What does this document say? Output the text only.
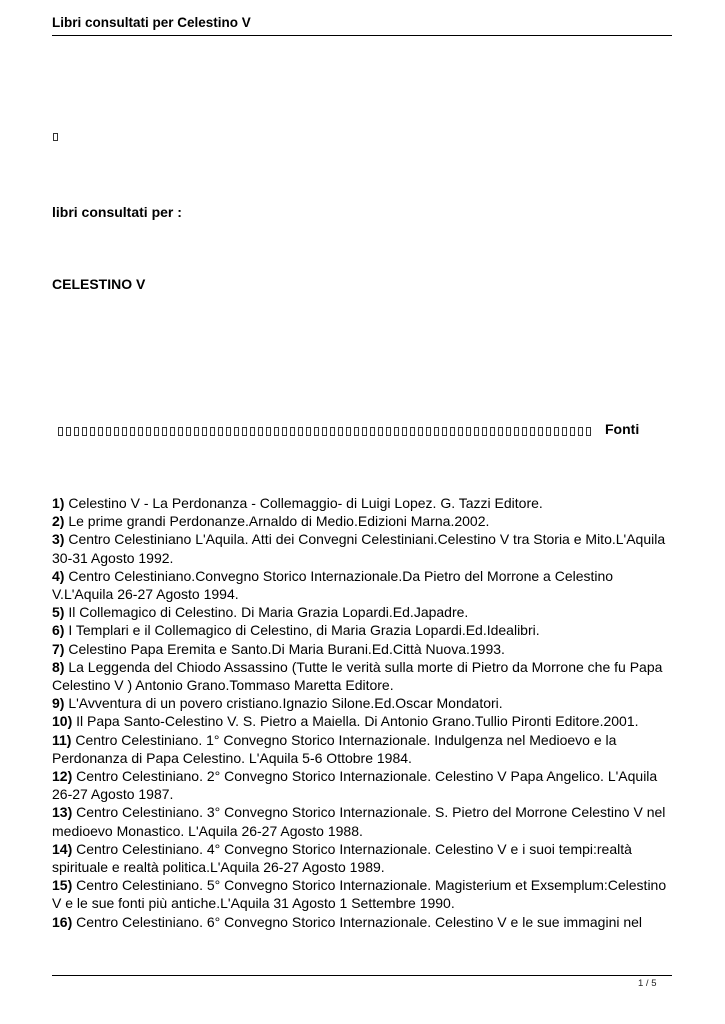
Libri consultati per Celestino V
libri consultati per :
CELESTINO V
Fonti

1) Celestino V - La Perdonanza - Collemaggio- di Luigi Lopez. G. Tazzi Editore.

2) Le prime grandi Perdonanze.Arnaldo di Medio.Edizioni Marna.2002.

3) Centro Celestiniano L'Aquila. Atti dei Convegni Celestiniani.Celestino V tra Storia e Mito.L'Aquila 30-31 Agosto 1992.

4) Centro Celestiniano.Convegno Storico Internazionale.Da Pietro del Morrone a Celestino V.L'Aquila 26-27 Agosto 1994.

5) Il Collemagico di Celestino. Di Maria Grazia Lopardi.Ed.Japadre.

6) I Templari e il Collemagico di Celestino, di Maria Grazia Lopardi.Ed.Idealibri.

7) Celestino Papa Eremita e Santo.Di Maria Burani.Ed.Città Nuova.1993.

8) La Leggenda del Chiodo Assassino (Tutte le verità sulla morte di Pietro da Morrone che fu Papa Celestino V ) Antonio Grano.Tommaso Maretta Editore.

9) L'Avventura di un povero cristiano.Ignazio Silone.Ed.Oscar Mondatori.

10) Il Papa Santo-Celestino V. S. Pietro a Maiella. Di Antonio Grano.Tullio Pironti Editore.2001.

11) Centro Celestiniano. 1° Convegno Storico Internazionale. Indulgenza nel Medioevo e la Perdonanza di Papa Celestino. L'Aquila 5-6 Ottobre 1984.

12) Centro Celestiniano. 2° Convegno Storico Internazionale. Celestino V Papa Angelico. L'Aquila 26-27 Agosto 1987.

13) Centro Celestiniano. 3° Convegno Storico Internazionale. S. Pietro del Morrone Celestino V nel medioevo Monastico. L'Aquila 26-27 Agosto 1988.

14) Centro Celestiniano. 4° Convegno Storico Internazionale. Celestino V e i suoi tempi:realtà spirituale e realtà politica.L'Aquila 26-27 Agosto 1989.

15) Centro Celestiniano. 5° Convegno Storico Internazionale. Magisterium et Exsemplum:Celestino V e le sue fonti più antiche.L'Aquila 31 Agosto 1 Settembre 1990.

16) Centro Celestiniano. 6° Convegno Storico Internazionale. Celestino V e le sue immagini nel

1 / 5
